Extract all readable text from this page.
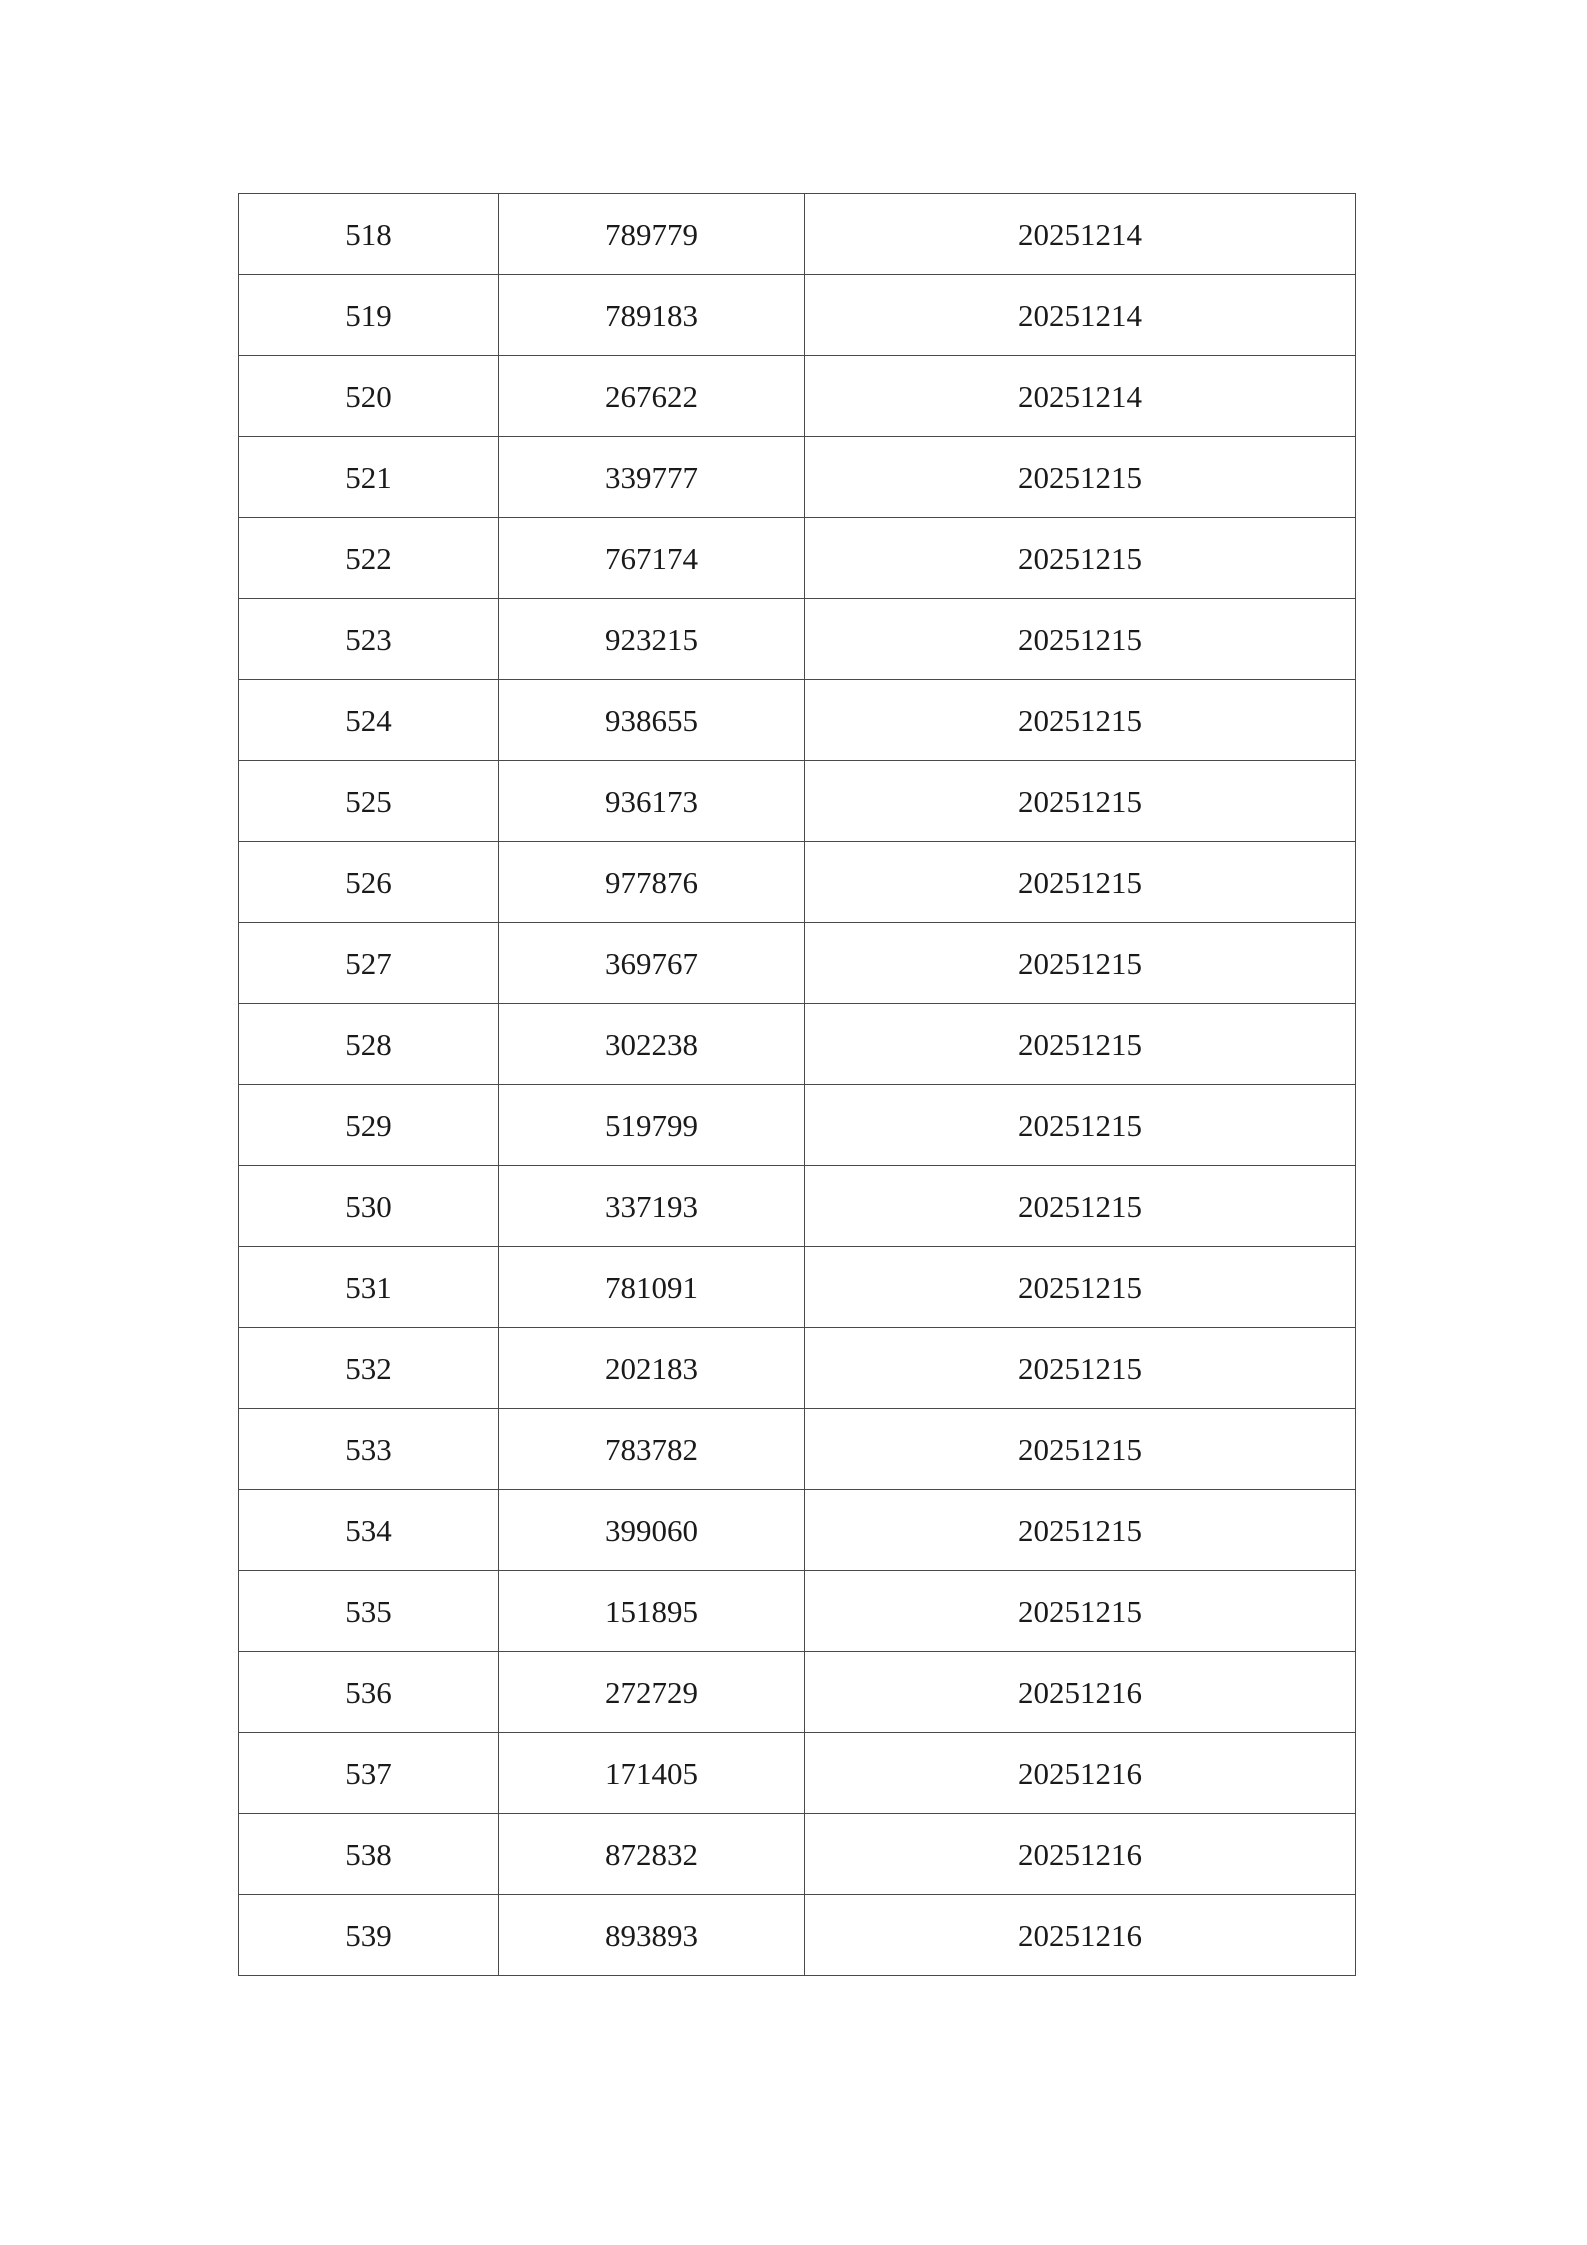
518	789779	20251214
519	789183	20251214
520	267622	20251214
521	339777	20251215
522	767174	20251215
523	923215	20251215
524	938655	20251215
525	936173	20251215
526	977876	20251215
527	369767	20251215
528	302238	20251215
529	519799	20251215
530	337193	20251215
531	781091	20251215
532	202183	20251215
533	783782	20251215
534	399060	20251215
535	151895	20251215
536	272729	20251216
537	171405	20251216
538	872832	20251216
539	893893	20251216
